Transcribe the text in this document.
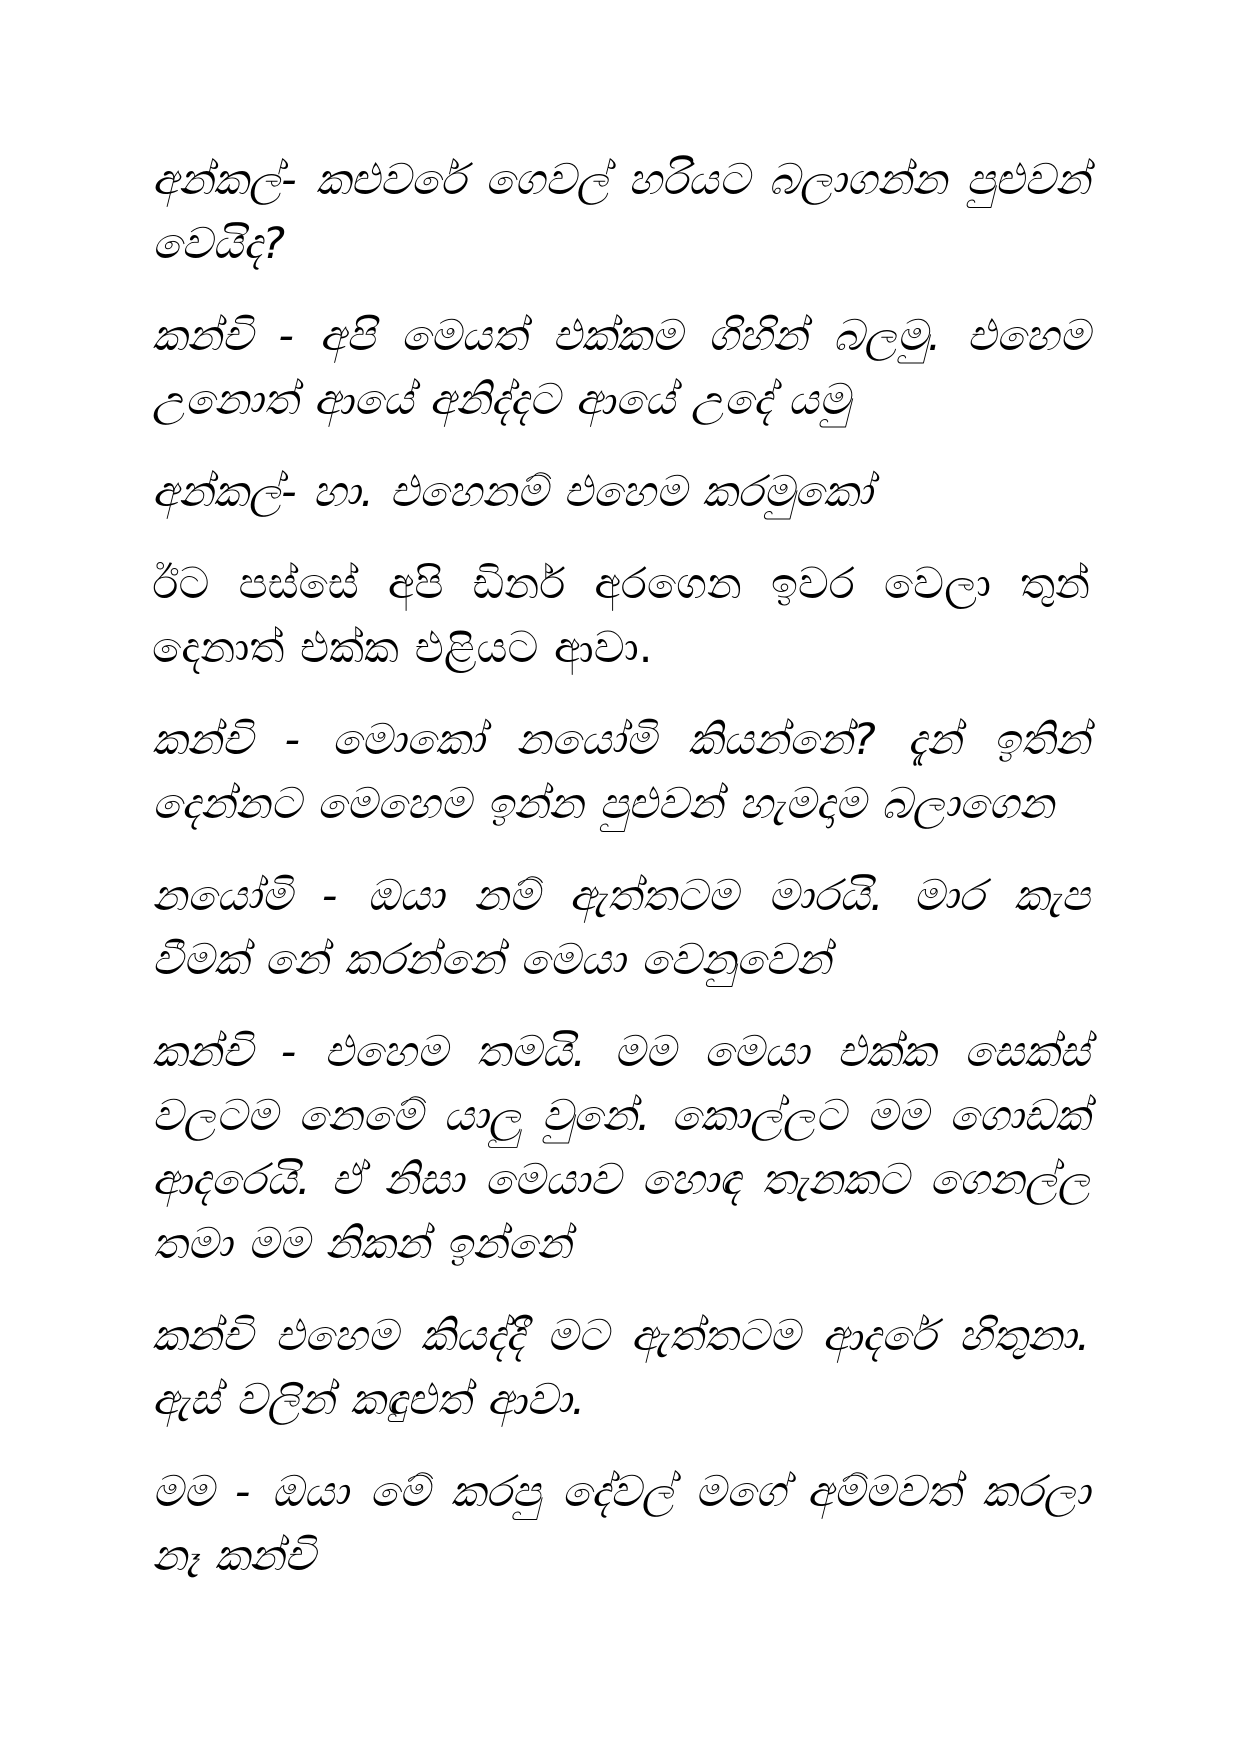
අන්කල්- කළුවරේ ගෙවල් හරියට බලාගන්න පුළුවන් වෙයිද?

කන්චි - අපි මෙයත් එක්කම ගිහින් බලමු. එහෙම උනොත් ආයේ අනිද්දට ආයේ උදේ යමු

අන්කල්- හා. එහෙනම් එහෙම කරමුකෝ

ඊට පස්සේ අපි ඩිනර් අරගෙන ඉවර වෙලා තුන් දෙනාත් එක්ක එළියට ආවා.

කන්චි - මොකෝ නයෝමි කියන්නේ? දැන් ඉතින් දෙන්නට මෙහෙම ඉන්න පුළුවන් හැමදාම බලාගෙන

නයෝමි - ඔයා නම් ඇත්තටම මාරයි. මාර කැප වීමක් නේ කරන්නේ මෙයා වෙනුවෙන්

කන්චි - එහෙම තමයි. මම මෙයා එක්ක සෙක්ස් වලටම නෙමේ යාලු වුනේ. කොල්ලට මම ගොඩක් ආදරෙයි. ඒ නිසා මෙයාව හොඳ තැනකට ගෙනල්ල තමා මම නිකන් ඉන්නේ

කන්චි එහෙම කියද්දී මට ඇත්තටම ආදරේ හිතුනා. ඇස් වලින් කඳුළුත් ආවා.

මම - ඔයා මේ කරපු දේවල් මගේ අම්මවත් කරලා නෑ කන්චි
